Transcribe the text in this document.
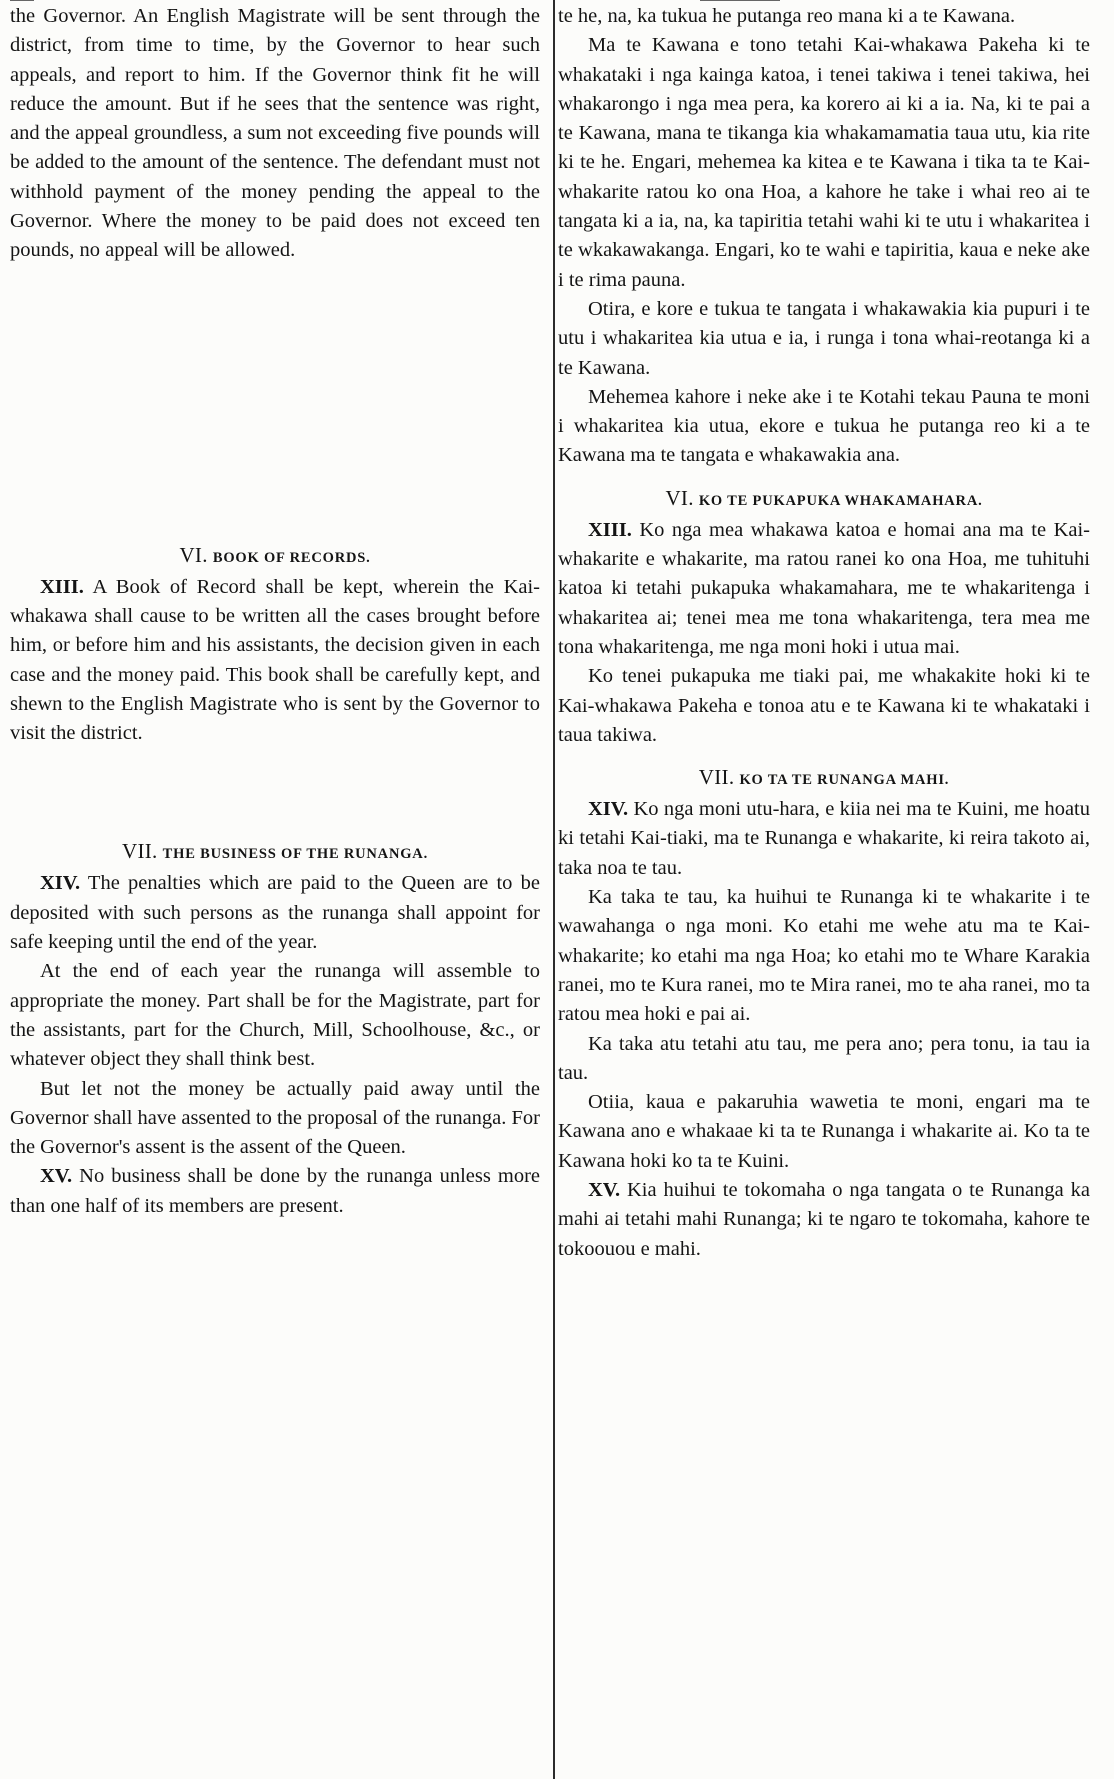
the Governor. An English Magistrate will be sent through the district, from time to time, by the Governor to hear such appeals, and report to him. If the Governor think fit he will reduce the amount. But if he sees that the sentence was right, and the appeal groundless, a sum not exceeding five pounds will be added to the amount of the sentence. The defendant must not withhold payment of the money pending the appeal to the Governor. Where the money to be paid does not exceed ten pounds, no appeal will be allowed.

VI. BOOK OF RECORDS.

XIII. A Book of Record shall be kept, wherein the Kai-whakawa shall cause to be written all the cases brought before him, or before him and his assistants, the decision given in each case and the money paid. This book shall be carefully kept, and shewn to the English Magistrate who is sent by the Governor to visit the district.

VII. THE BUSINESS OF THE RUNANGA.

XIV. The penalties which are paid to the Queen are to be deposited with such persons as the runanga shall appoint for safe keeping until the end of the year.

At the end of each year the runanga will assemble to appropriate the money. Part shall be for the Magistrate, part for the assistants, part for the Church, Mill, Schoolhouse, &c., or whatever object they shall think best.

But let not the money be actually paid away until the Governor shall have assented to the proposal of the runanga. For the Governor's assent is the assent of the Queen.

XV. No business shall be done by the runanga unless more than one half of its members are present.

te he, na, ka tukua he putanga reo mana ki a te Kawana.

Ma te Kawana e tono tetahi Kai-whakawa Pakeha ki te whakataki i nga kainga katoa, i tenei takiwa i tenei takiwa, hei whakarongo i nga mea pera, ka korero ai ki a ia. Na, ki te pai a te Kawana, mana te tikanga kia whakamamatia taua utu, kia rite ki te he. Engari, mehemea ka kitea e te Kawana i tika ta te Kai-whakarite ratou ko ona Hoa, a kahore he take i whai reo ai te tangata ki a ia, na, ka tapiritia tetahi wahi ki te utu i whakaritea i te wkakawakanga. Engari, ko te wahi e tapiritia, kaua e neke ake i te rima pauna.

Otira, e kore e tukua te tangata i whakawakia kia pupuri i te utu i whakaritea kia utua e ia, i runga i tona whai-reotanga ki a te Kawana.

Mehemea kahore i neke ake i te Kotahi tekau Pauna te moni i whakaritea kia utua, ekore e tukua he putanga reo ki a te Kawana ma te tangata e whakawakia ana.

VI. KO TE PUKAPUKA WHAKAMAHARA.

XIII. Ko nga mea whakawa katoa e homai ana ma te Kai-whakarite e whakarite, ma ratou ranei ko ona Hoa, me tuhituhi katoa ki tetahi pukapuka whakamahara, me te whakaritenga i whakaritea ai; tenei mea me tona whakaritenga, tera mea me tona whakaritenga, me nga moni hoki i utua mai.

Ko tenei pukapuka me tiaki pai, me whakakite hoki ki te Kai-whakawa Pakeha e tonoa atu e te Kawana ki te whakataki i taua takiwa.

VII. KO TA TE RUNANGA MAHI.

XIV. Ko nga moni utu-hara, e kiia nei ma te Kuini, me hoatu ki tetahi Kai-tiaki, ma te Runanga e whakarite, ki reira takoto ai, taka noa te tau.

Ka taka te tau, ka huihui te Runanga ki te whakarite i te wawahanga o nga moni. Ko etahi me wehe atu ma te Kai-whakarite; ko etahi ma nga Hoa; ko etahi mo te Whare Karakia ranei, mo te Kura ranei, mo te Mira ranei, mo te aha ranei, mo ta ratou mea hoki e pai ai.

Ka taka atu tetahi atu tau, me pera ano; pera tonu, ia tau ia tau.

Otiia, kaua e pakaruhia wawetia te moni, engari ma te Kawana ano e whakaae ki ta te Runanga i whakarite ai. Ko ta te Kawana hoki ko ta te Kuini.

XV. Kia huihui te tokomaha o nga tangata o te Runanga ka mahi ai tetahi mahi Runanga; ki te ngaro te tokomaha, kahore te tokoouou e mahi.
